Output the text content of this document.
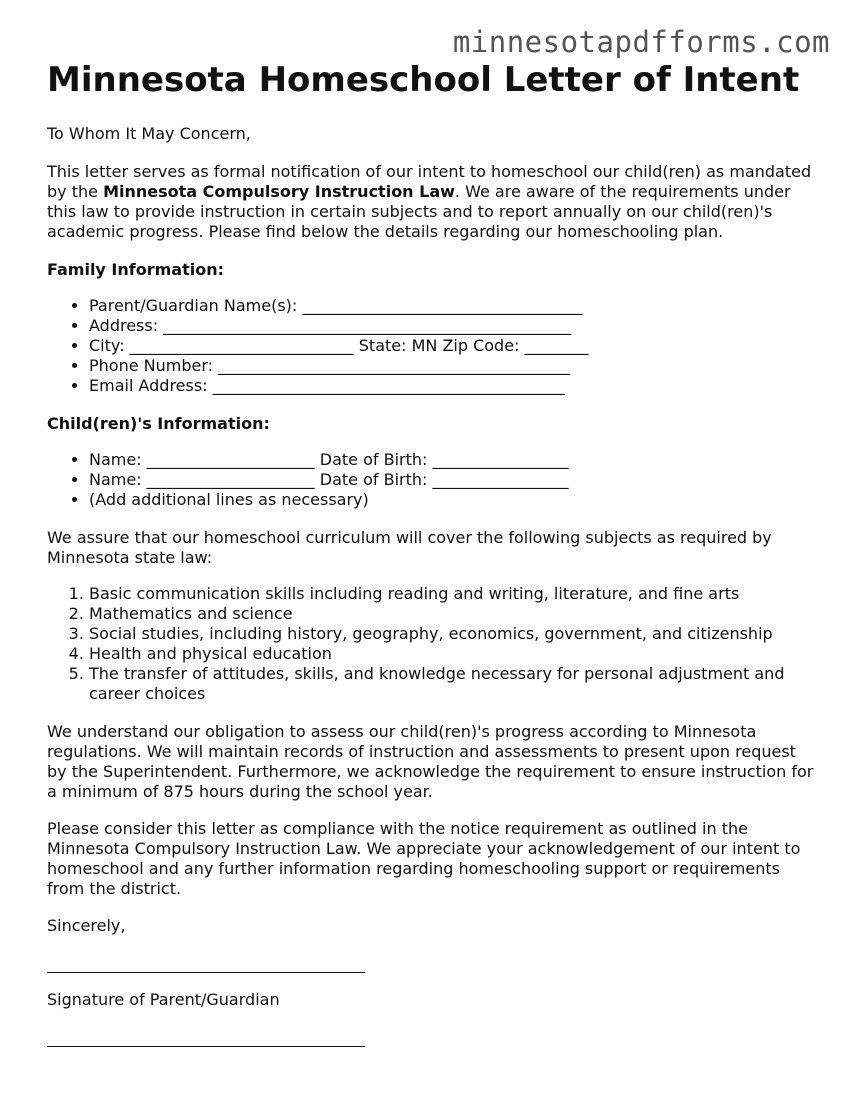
minnesotapdfforms.com
Minnesota Homeschool Letter of Intent

To Whom It May Concern,

This letter serves as formal notification of our intent to homeschool our child(ren) as mandated by the Minnesota Compulsory Instruction Law. We are aware of the requirements under this law to provide instruction in certain subjects and to report annually on our child(ren)'s academic progress. Please find below the details regarding our homeschooling plan.

Family Information:

• Parent/Guardian Name(s): ___________________________________
• Address: ___________________________________________________
• City: ____________________________ State: MN Zip Code: ________
• Phone Number: ____________________________________________
• Email Address: ____________________________________________

Child(ren)'s Information:

• Name: _____________________ Date of Birth: _________________
• Name: _____________________ Date of Birth: _________________
• (Add additional lines as necessary)

We assure that our homeschool curriculum will cover the following subjects as required by Minnesota state law:

1. Basic communication skills including reading and writing, literature, and fine arts
2. Mathematics and science
3. Social studies, including history, geography, economics, government, and citizenship
4. Health and physical education
5. The transfer of attitudes, skills, and knowledge necessary for personal adjustment and career choices

We understand our obligation to assess our child(ren)'s progress according to Minnesota regulations. We will maintain records of instruction and assessments to present upon request by the Superintendent. Furthermore, we acknowledge the requirement to ensure instruction for a minimum of 875 hours during the school year.

Please consider this letter as compliance with the notice requirement as outlined in the Minnesota Compulsory Instruction Law. We appreciate your acknowledgement of our intent to homeschool and any further information regarding homeschooling support or requirements from the district.

Sincerely,

Signature of Parent/Guardian
